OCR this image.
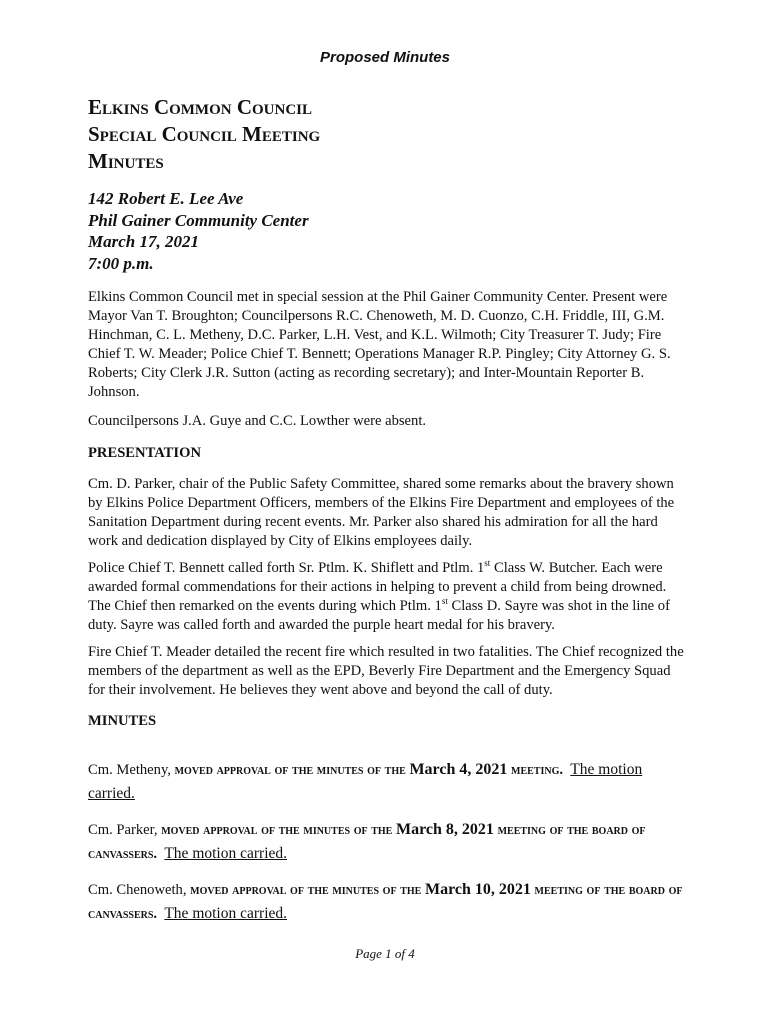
Proposed Minutes
Elkins Common Council
Special Council Meeting
Minutes
142 Robert E. Lee Ave
Phil Gainer Community Center
March 17, 2021
7:00 p.m.

Elkins Common Council met in special session at the Phil Gainer Community Center. Present were Mayor Van T. Broughton; Councilpersons R.C. Chenoweth, M. D. Cuonzo, C.H. Friddle, III, G.M. Hinchman, C. L. Metheny, D.C. Parker, L.H. Vest, and K.L. Wilmoth; City Treasurer T. Judy; Fire Chief T. W. Meader; Police Chief T. Bennett; Operations Manager R.P. Pingley; City Attorney G. S. Roberts; City Clerk J.R. Sutton (acting as recording secretary); and Inter-Mountain Reporter B. Johnson.

Councilpersons J.A. Guye and C.C. Lowther were absent.

PRESENTATION

Cm. D. Parker, chair of the Public Safety Committee, shared some remarks about the bravery shown by Elkins Police Department Officers, members of the Elkins Fire Department and employees of the Sanitation Department during recent events. Mr. Parker also shared his admiration for all the hard work and dedication displayed by City of Elkins employees daily.

Police Chief T. Bennett called forth Sr. Ptlm. K. Shiflett and Ptlm. 1st Class W. Butcher. Each were awarded formal commendations for their actions in helping to prevent a child from being drowned. The Chief then remarked on the events during which Ptlm. 1st Class D. Sayre was shot in the line of duty. Sayre was called forth and awarded the purple heart medal for his bravery.

Fire Chief T. Meader detailed the recent fire which resulted in two fatalities. The Chief recognized the members of the department as well as the EPD, Beverly Fire Department and the Emergency Squad for their involvement. He believes they went above and beyond the call of duty.

MINUTES

Cm. Metheny, moved approval of the minutes of the March 4, 2021 meeting. The motion carried.

Cm. Parker, moved approval of the minutes of the March 8, 2021 meeting of the board of canvassers. The motion carried.

Cm. Chenoweth, moved approval of the minutes of the March 10, 2021 meeting of the board of canvassers. The motion carried.

Page 1 of 4
